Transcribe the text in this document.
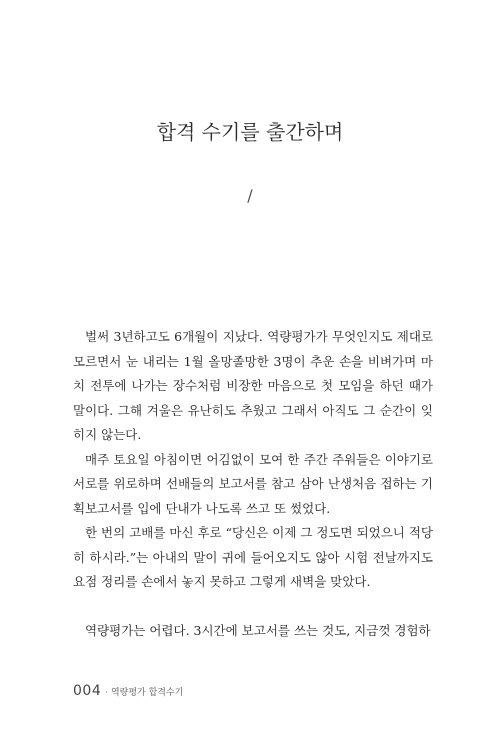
합격 수기를 출간하며
/

벌써 3년하고도 6개월이 지났다. 역량평가가 무엇인지도 제대로 모르면서 눈 내리는 1월 올망졸망한 3명이 추운 손을 비벼가며 마치 전투에 나가는 장수처럼 비장한 마음으로 첫 모임을 하던 때가 말이다. 그해 겨울은 유난히도 추웠고 그래서 아직도 그 순간이 잊히지 않는다.

매주 토요일 아침이면 어김없이 모여 한 주간 주워들은 이야기로 서로를 위로하며 선배들의 보고서를 참고 삼아 난생처음 접하는 기획보고서를 입에 단내가 나도록 쓰고 또 썼었다.

한 번의 고배를 마신 후로 “당신은 이제 그 정도면 되었으니 적당히 하시라.”는 아내의 말이 귀에 들어오지도 않아 시험 전날까지도 요점 정리를 손에서 놓지 못하고 그렇게 새벽을 맞았다.

역량평가는 어렵다. 3시간에 보고서를 쓰는 것도, 지금껏 경험하

004 · 역량평가 합격수기
